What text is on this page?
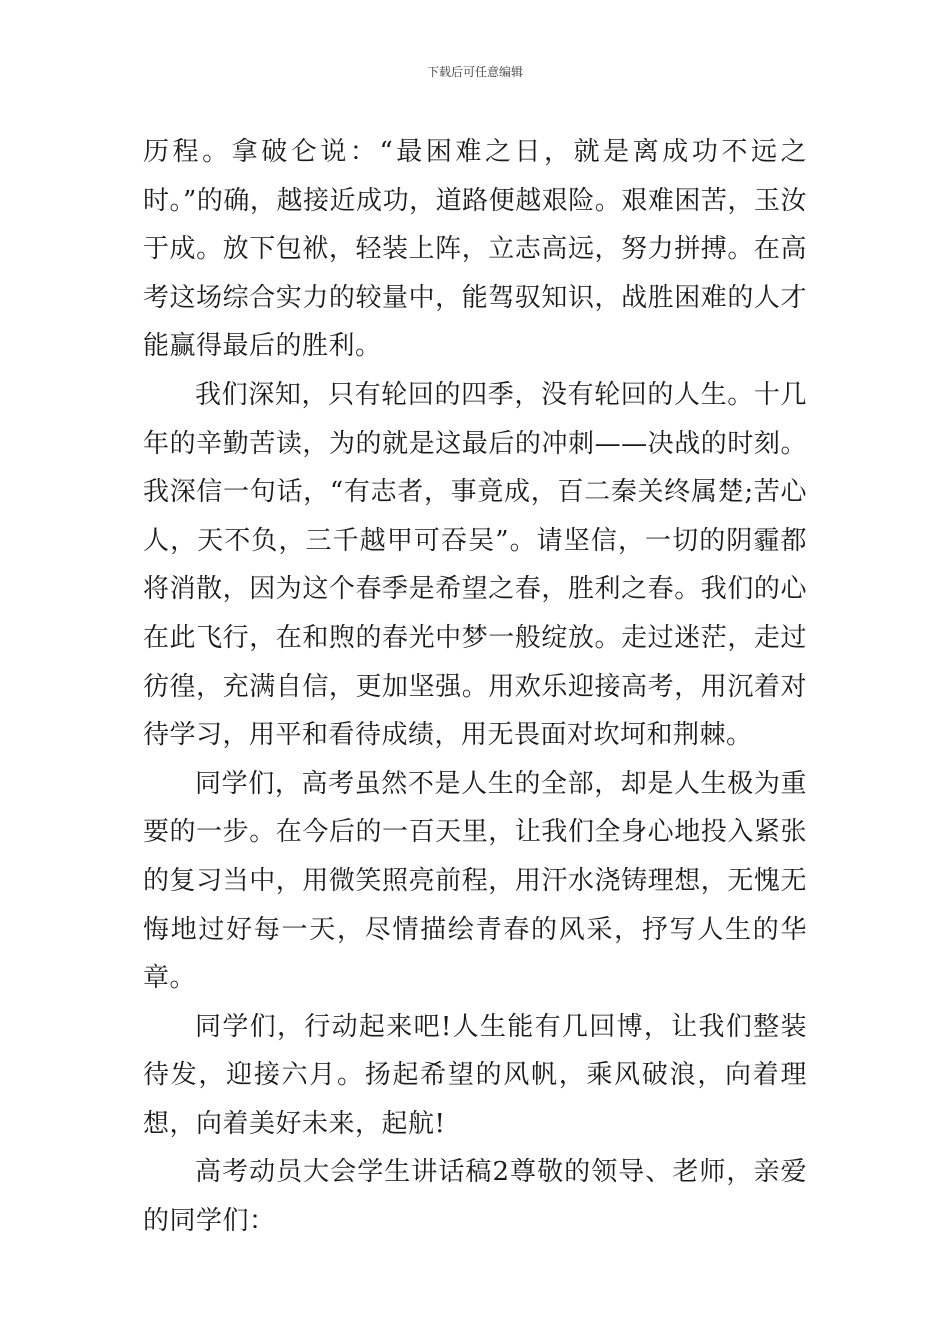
下载后可任意编辑

历程。拿破仑说：“最困难之日，就是离成功不远之时。”的确，越接近成功，道路便越艰险。艰难困苦，玉汝于成。放下包袱，轻装上阵，立志高远，努力拼搏。在高考这场综合实力的较量中，能驾驭知识，战胜困难的人才能赢得最后的胜利。

我们深知，只有轮回的四季，没有轮回的人生。十几年的辛勤苦读，为的就是这最后的冲刺——决战的时刻。我深信一句话，“有志者，事竟成，百二秦关终属楚;苦心人，天不负，三千越甲可吞吴”。请坚信，一切的阴霾都将消散，因为这个春季是希望之春，胜利之春。我们的心在此飞行，在和煦的春光中梦一般绽放。走过迷茫，走过彷徨，充满自信，更加坚强。用欢乐迎接高考，用沉着对待学习，用平和看待成绩，用无畏面对坎坷和荆棘。

同学们，高考虽然不是人生的全部，却是人生极为重要的一步。在今后的一百天里，让我们全身心地投入紧张的复习当中，用微笑照亮前程，用汗水浇铸理想，无愧无悔地过好每一天，尽情描绘青春的风采，抒写人生的华章。

同学们，行动起来吧!人生能有几回博，让我们整装待发，迎接六月。扬起希望的风帆，乘风破浪，向着理想，向着美好未来，起航!

高考动员大会学生讲话稿2尊敬的领导、老师，亲爱的同学们：
